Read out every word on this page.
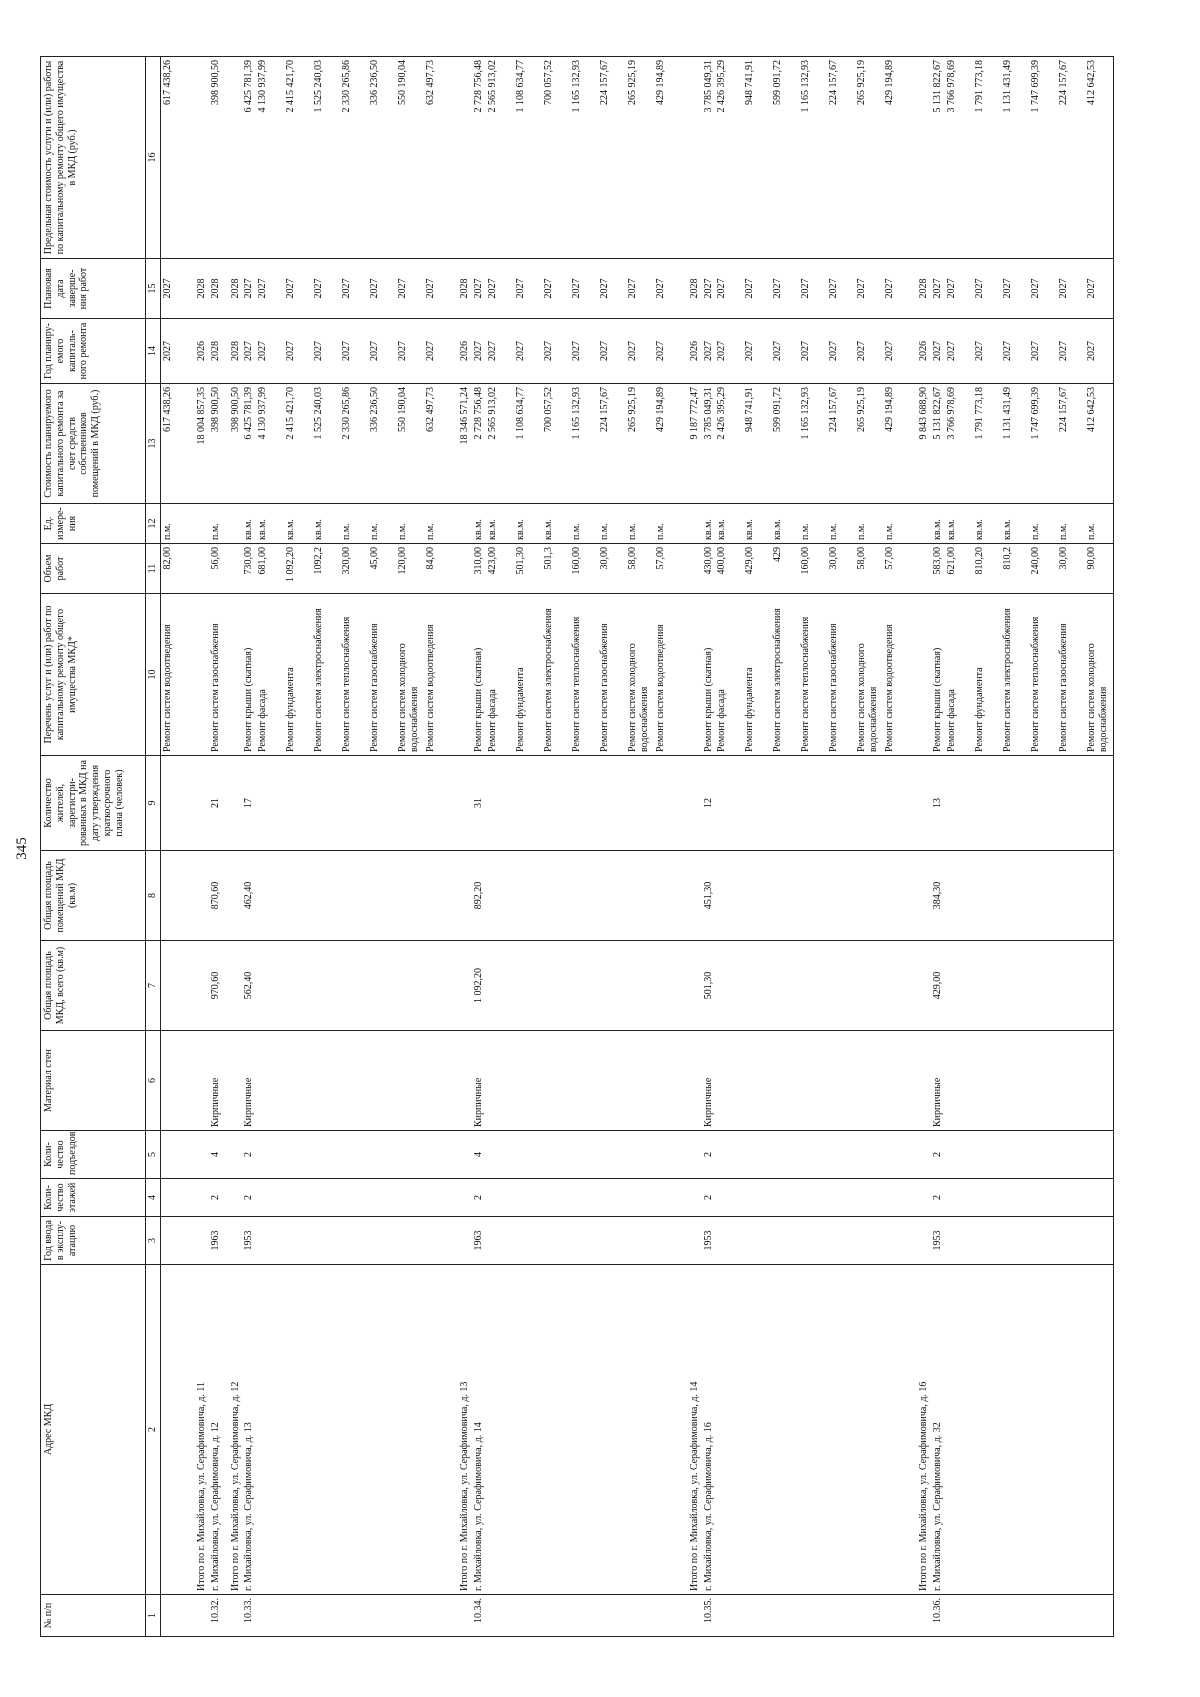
345
№ п/п	Адрес МКД	Год ввода в эксплу-атацию	Коли-чество этажей	Коли-чество подъездов	Материал стен	Общая площадь МКД, всего (кв.м)	Общая площадь помещений МКД (кв.м)	Количество жителей, зарегистри-рованных в МКД на дату утверждения краткосрочного плана (человек)	Перечень услуг и (или) работ по капитальному ремонту общего имущества МКД*	Объем работ	Ед. измере-ния	Стоимость планируемого капитального ремонта за счет средств собственников помещений в МКД (руб.)	Год планиру-емого капиталь-ного ремонта	Плановая дата заверше-ния работ	Предельная стоимость услуги и (или) работы по капитальному ремонту общего имущества в МКД (руб.)
1	2	3	4	5	6	7	8	9	10	11	12	13	14	15	16
									Ремонт систем водоотведения	82,00	п.м.	617 438,26	2027	2027	617 438,26
	Итого по г. Михайловка, ул. Серафимовича, д. 11											18 004 857,35	2026	2028	
10.32.	г. Михайловка, ул. Серафимовича, д. 12	1963	2	4	Кирпичные	970,60	870,60	21	Ремонт систем газоснабжения	56,00	п.м.	398 900,50	2028	2028	398 900,50
	Итого по г. Михайловка, ул. Серафимовича, д. 12											398 900,50	2028	2028	
10.33.	г. Михайловка, ул. Серафимовича, д. 13	1953	2	2	Кирпичные	562,40	462,40	17	Ремонт крыши (скатная)	730,00	кв.м.	6 425 781,39	2027	2027	6 425 781,39
									Ремонт фасада	681,00	кв.м.	4 130 937,99	2027	2027	4 130 937,99
									Ремонт фундамента	1 092,20	кв.м.	2 415 421,70	2027	2027	2 415 421,70
									Ремонт систем электроснабжения	1092,2	кв.м.	1 525 240,03	2027	2027	1 525 240,03
									Ремонт систем теплоснабжения	320,00	п.м.	2 330 265,86	2027	2027	2 330 265,86
									Ремонт систем газоснабжения	45,00	п.м.	336 236,50	2027	2027	336 236,50
									Ремонт систем холодного водоснабжения	120,00	п.м.	550 190,04	2027	2027	550 190,04
									Ремонт систем водоотведения	84,00	п.м.	632 497,73	2027	2027	632 497,73
	Итого по г. Михайловка, ул. Серафимовича, д. 13											18 346 571,24	2026	2028	
10.34.	г. Михайловка, ул. Серафимовича, д. 14	1963	2	4	Кирпичные	1 092,20	892,20	31	Ремонт крыши (скатная)	310,00	кв.м.	2 728 756,48	2027	2027	2 728 756,48
									Ремонт фасада	423,00	кв.м.	2 565 913,02	2027	2027	2 565 913,02
									Ремонт фундамента	501,30	кв.м.	1 108 634,77	2027	2027	1 108 634,77
									Ремонт систем электроснабжения	501,3	кв.м.	700 057,52	2027	2027	700 057,52
									Ремонт систем теплоснабжения	160,00	п.м.	1 165 132,93	2027	2027	1 165 132,93
									Ремонт систем газоснабжения	30,00	п.м.	224 157,67	2027	2027	224 157,67
									Ремонт систем холодного водоснабжения	58,00	п.м.	265 925,19	2027	2027	265 925,19
									Ремонт систем водоотведения	57,00	п.м.	429 194,89	2027	2027	429 194,89
	Итого по г. Михайловка, ул. Серафимовича, д. 14											9 187 772,47	2026	2028	
10.35.	г. Михайловка, ул. Серафимовича, д. 16	1953	2	2	Кирпичные	501,30	451,30	12	Ремонт крыши (скатная)	430,00	кв.м.	3 785 049,31	2027	2027	3 785 049,31
									Ремонт фасада	400,00	кв.м.	2 426 395,29	2027	2027	2 426 395,29
									Ремонт фундамента	429,00	кв.м.	948 741,91	2027	2027	948 741,91
									Ремонт систем электроснабжения	429	кв.м.	599 091,72	2027	2027	599 091,72
									Ремонт систем теплоснабжения	160,00	п.м.	1 165 132,93	2027	2027	1 165 132,93
									Ремонт систем газоснабжения	30,00	п.м.	224 157,67	2027	2027	224 157,67
									Ремонт систем холодного водоснабжения	58,00	п.м.	265 925,19	2027	2027	265 925,19
									Ремонт систем водоотведения	57,00	п.м.	429 194,89	2027	2027	429 194,89
	Итого по г. Михайловка, ул. Серафимовича, д. 16											9 843 688,90	2026	2028	
10.36.	г. Михайловка, ул. Серафимовича, д. 32	1953	2	2	Кирпичные	429,00	384,30	13	Ремонт крыши (скатная)	583,00	кв.м.	5 131 822,67	2027	2027	5 131 822,67
									Ремонт фасада	621,00	кв.м.	3 766 978,69	2027	2027	3 766 978,69
									Ремонт фундамента	810,20	кв.м.	1 791 773,18	2027	2027	1 791 773,18
									Ремонт систем электроснабжения	810,2	кв.м.	1 131 431,49	2027	2027	1 131 431,49
									Ремонт систем теплоснабжения	240,00	п.м.	1 747 699,39	2027	2027	1 747 699,39
									Ремонт систем газоснабжения	30,00	п.м.	224 157,67	2027	2027	224 157,67
									Ремонт систем холодного водоснабжения	90,00	п.м.	412 642,53	2027	2027	412 642,53
